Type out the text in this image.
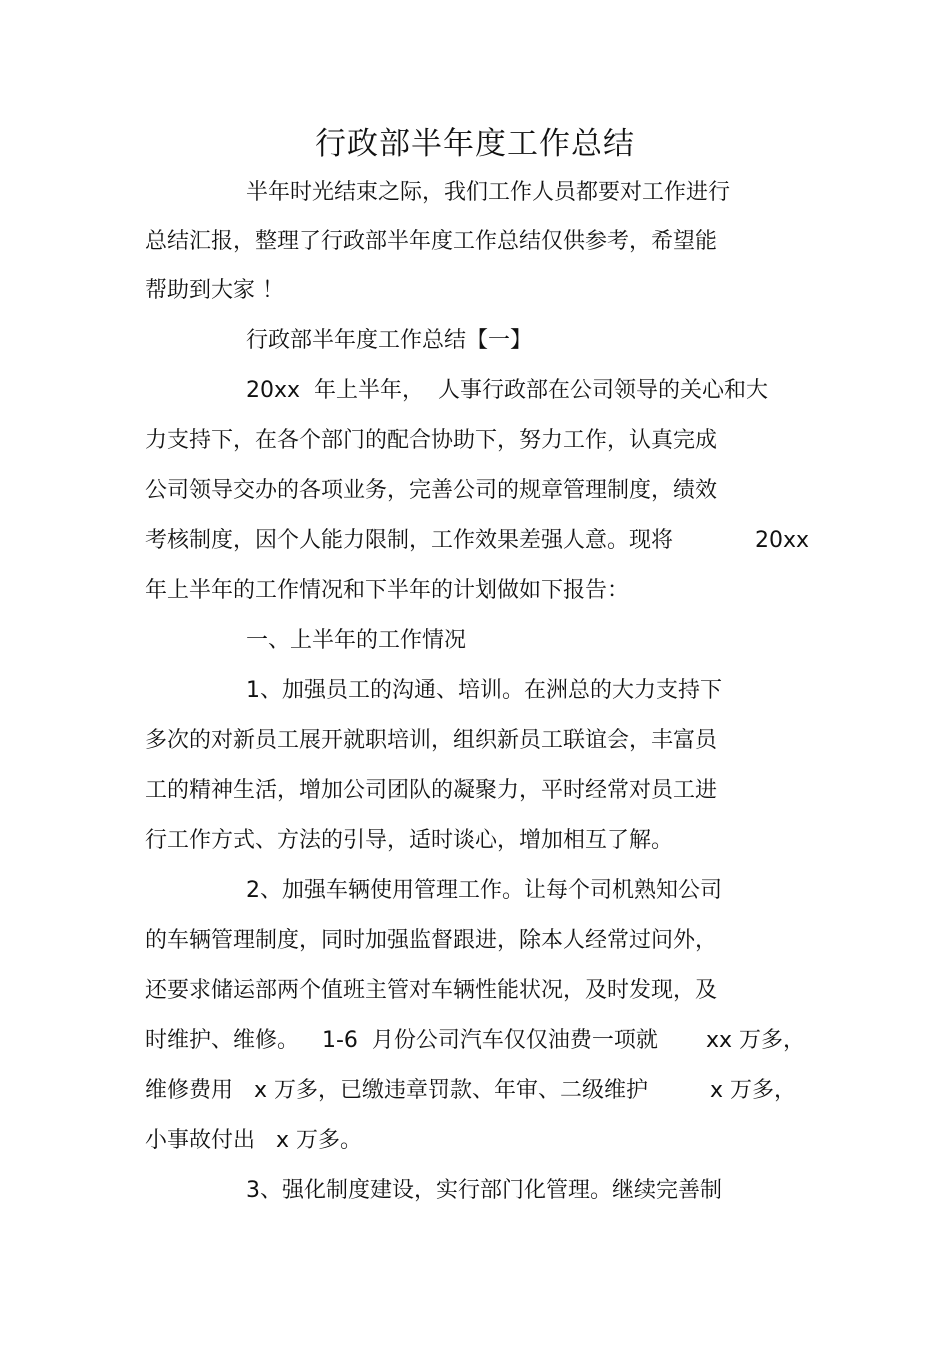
行政部半年度工作总结
半年时光结束之际，我们工作人员都要对工作进行
总结汇报，整理了行政部半年度工作总结仅供参考，希望能
帮助到大家 ！
行政部半年度工作总结【一】
20xx  年上半年，  人事行政部在公司领导的关心和大
力支持下，在各个部门的配合协助下，努力工作，认真完成
公司领导交办的各项业务，完善公司的规章管理制度，绩效
考核制度，因个人能力限制，工作效果差强人意。现将	20xx
年上半年的工作情况和下半年的计划做如下报告：
一、上半年的工作情况
1、加强员工的沟通、培训。在洲总的大力支持下
多次的对新员工展开就职培训，组织新员工联谊会，丰富员
工的精神生活，增加公司团队的凝聚力，平时经常对员工进
行工作方式、方法的引导，适时谈心，增加相互了解。
2、加强车辆使用管理工作。让每个司机熟知公司
的车辆管理制度，同时加强监督跟进，除本人经常过问外，
还要求储运部两个值班主管对车辆性能状况，及时发现，及
时维护、维修。 1-6  月份公司汽车仅仅油费一项就 xx 万多，
维修费用   x 万多，已缴违章罚款、年审、二级维护	x 万多，
小事故付出   x 万多。
3、强化制度建设，实行部门化管理。继续完善制
